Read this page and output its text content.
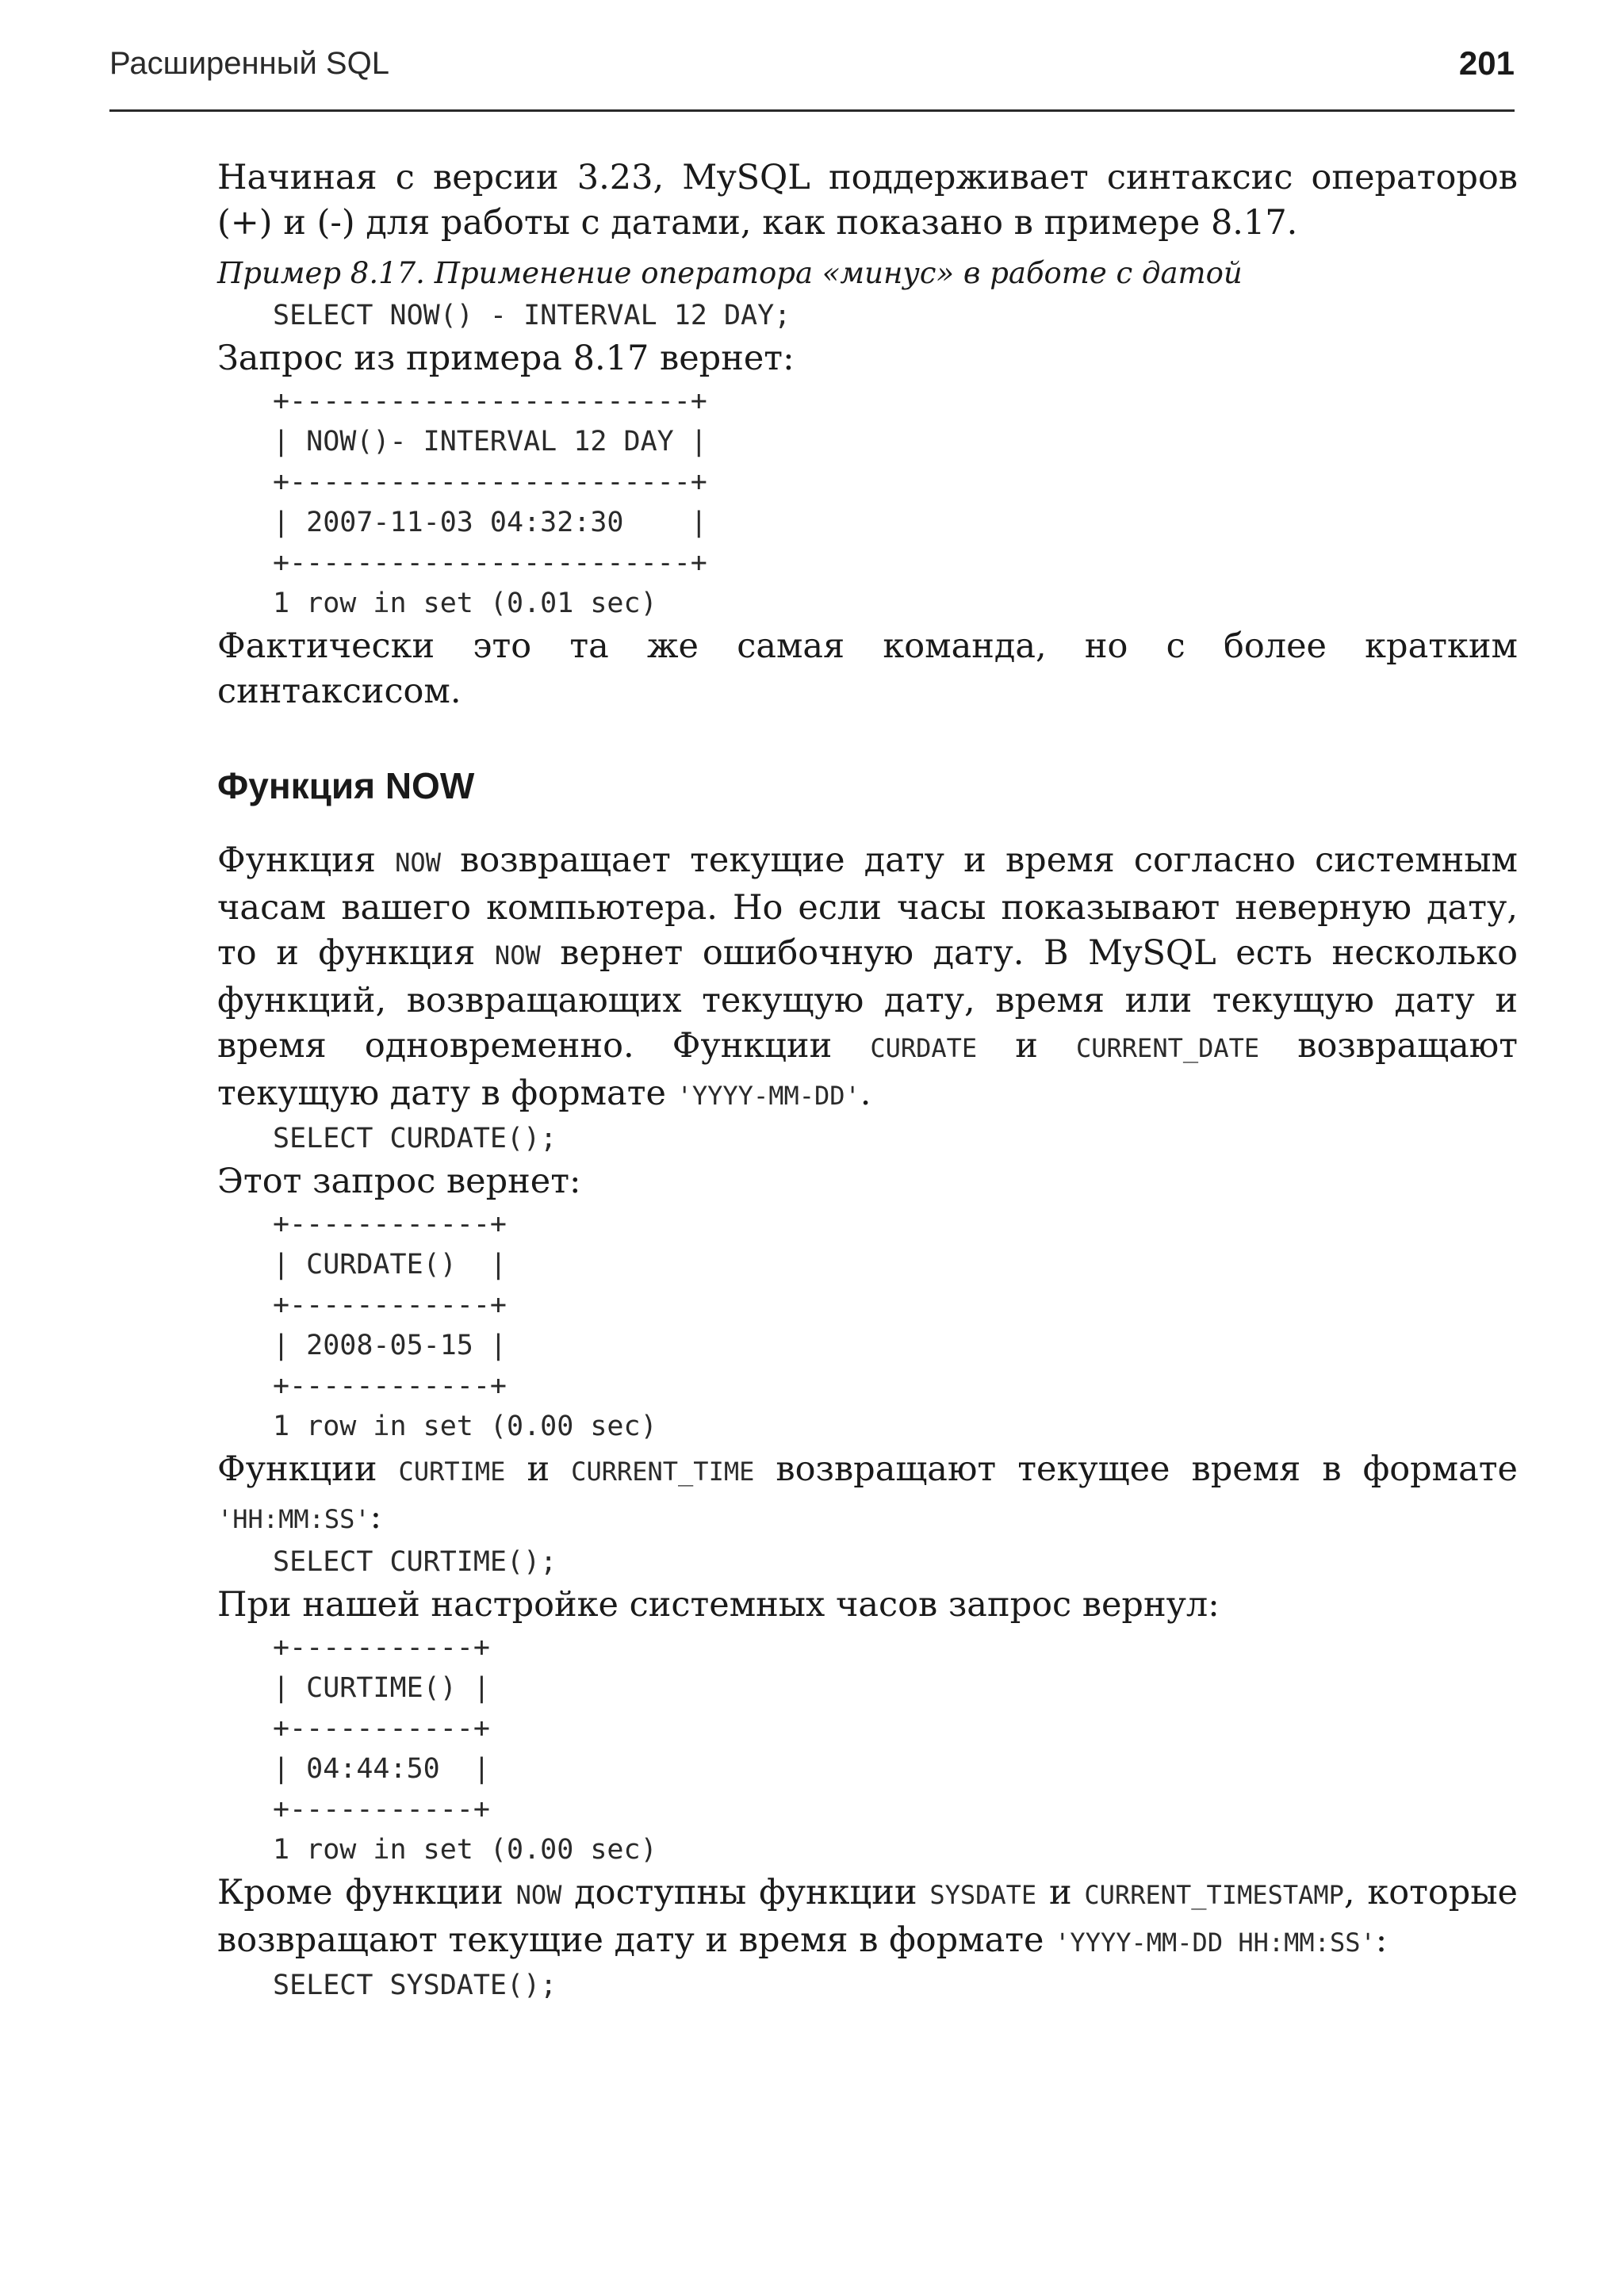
Расширенный SQL	201

Начиная с версии 3.23, MySQL поддерживает синтаксис операторов (+) и (-) для работы с датами, как показано в примере 8.17.

Пример 8.17. Применение оператора «минус» в работе с датой

SELECT NOW() - INTERVAL 12 DAY;

Запрос из примера 8.17 вернет:

+------------------------+
| NOW()- INTERVAL 12 DAY |
+------------------------+
| 2007-11-03 04:32:30    |
+------------------------+
1 row in set (0.01 sec)

Фактически это та же самая команда, но с более кратким синтаксисом.

Функция NOW

Функция NOW возвращает текущие дату и время согласно системным часам вашего компьютера. Но если часы показывают неверную дату, то и функция NOW вернет ошибочную дату. В MySQL есть несколько функций, возвращающих текущую дату, время или текущую дату и время одновременно. Функции CURDATE и CURRENT_DATE возвращают текущую дату в формате 'YYYY-MM-DD'.

SELECT CURDATE();

Этот запрос вернет:

+------------+
| CURDATE()  |
+------------+
| 2008-05-15 |
+------------+
1 row in set (0.00 sec)

Функции CURTIME и CURRENT_TIME возвращают текущее время в формате 'HH:MM:SS':

SELECT CURTIME();

При нашей настройке системных часов запрос вернул:

+-----------+
| CURTIME() |
+-----------+
| 04:44:50  |
+-----------+
1 row in set (0.00 sec)

Кроме функции NOW доступны функции SYSDATE и CURRENT_TIMESTAMP, которые возвращают текущие дату и время в формате 'YYYY-MM-DD HH:MM:SS':

SELECT SYSDATE();
